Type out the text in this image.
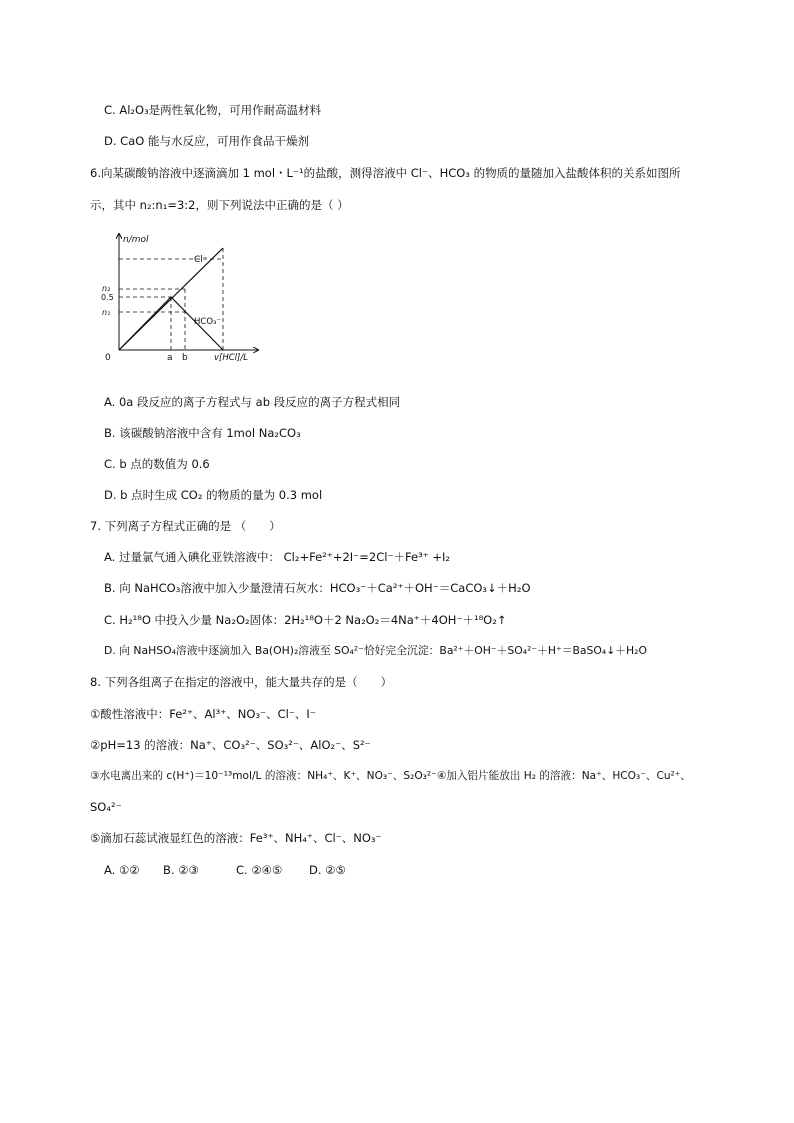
C. Al₂O₃是两性氧化物，可用作耐高温材料
D. CaO 能与水反应，可用作食品干燥剂
6.向某碳酸钠溶液中逐滴滴加 1 mol・L⁻¹的盐酸，测得溶液中 Cl⁻、HCO₃ 的物质的量随加入盐酸体积的关系如图所
示，其中 n₂:n₁=3:2，则下列说法中正确的是（ ）
n/mol
Cl⁻
HCO₃⁻
n₂
0.5
n₁
0	a b	v[HCl]/L
A. 0a 段反应的离子方程式与 ab 段反应的离子方程式相同
B. 该碳酸钠溶液中含有 1mol Na₂CO₃
C. b 点的数值为 0.6
D. b 点时生成 CO₂ 的物质的量为 0.3 mol
7. 下列离子方程式正确的是 （　　）
A. 过量氯气通入碘化亚铁溶液中： Cl₂+Fe²⁺+2I⁻=2Cl⁻＋Fe³⁺ +I₂
B. 向 NaHCO₃溶液中加入少量澄清石灰水：HCO₃⁻＋Ca²⁺＋OH⁻＝CaCO₃↓＋H₂O
C. H₂¹⁸O 中投入少量 Na₂O₂固体：2H₂¹⁸O＋2 Na₂O₂＝4Na⁺＋4OH⁻＋¹⁸O₂↑
D. 向 NaHSO₄溶液中逐滴加入 Ba(OH)₂溶液至 SO₄²⁻恰好完全沉淀：Ba²⁺＋OH⁻＋SO₄²⁻＋H⁺＝BaSO₄↓＋H₂O
8. 下列各组离子在指定的溶液中，能大量共存的是（　　）
①酸性溶液中：Fe²⁺、Al³⁺、NO₃⁻、Cl⁻、I⁻
②pH=13 的溶液：Na⁺、CO₃²⁻、SO₃²⁻、AlO₂⁻、S²⁻
③水电离出来的 c(H⁺)＝10⁻¹³mol/L 的溶液：NH₄⁺、K⁺、NO₃⁻、S₂O₃²⁻④加入铝片能放出 H₂ 的溶液：Na⁺、HCO₃⁻、Cu²⁺、
SO₄²⁻
⑤滴加石蕊试液显红色的溶液：Fe³⁺、NH₄⁺、Cl⁻、NO₃⁻
A. ①② B. ②③	C. ②④⑤ D. ②⑤
